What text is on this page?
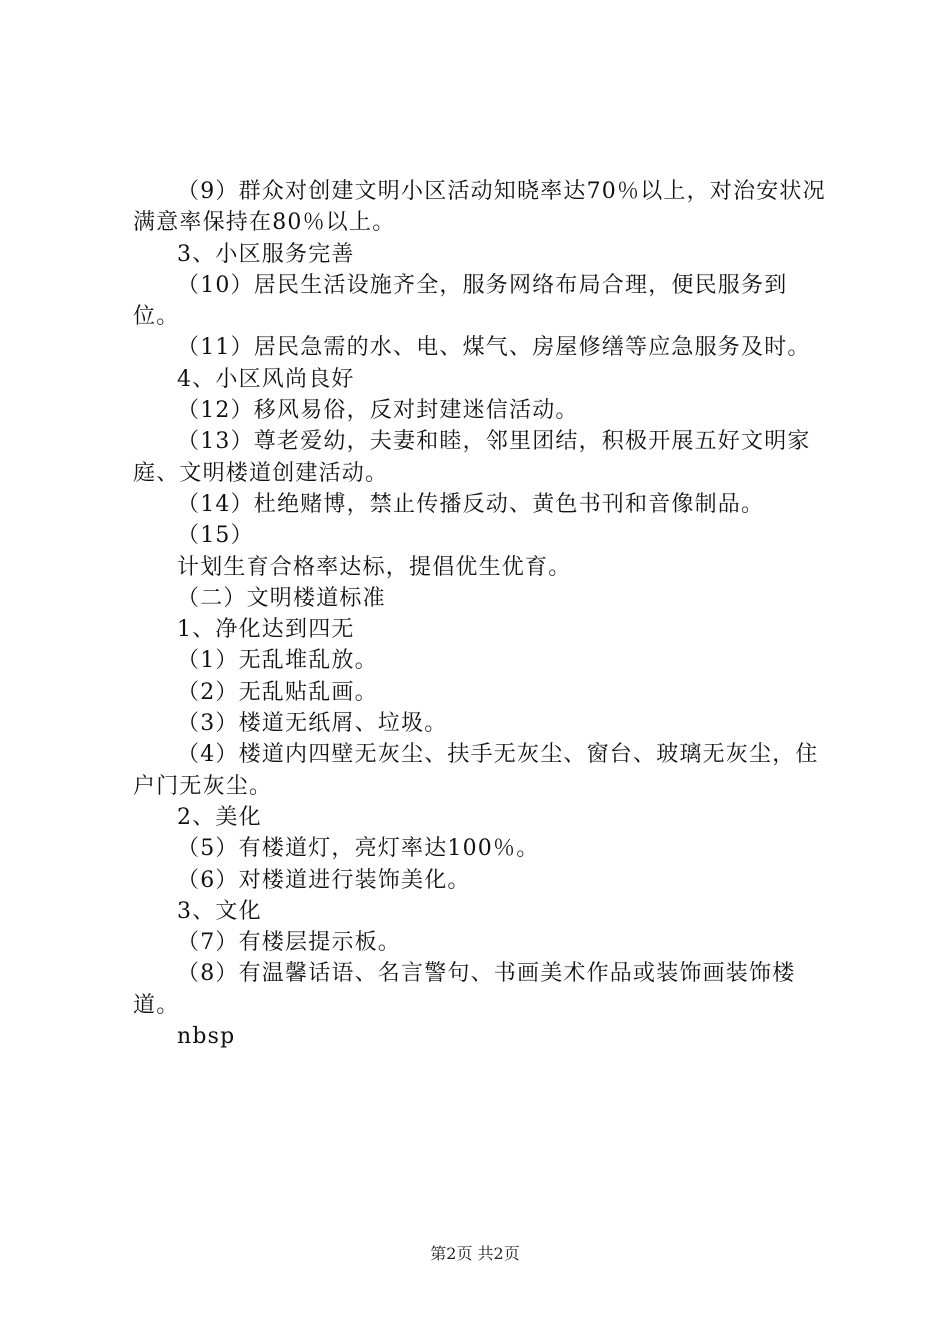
（9）群众对创建文明小区活动知晓率达70％以上，对治安状况满意率保持在80％以上。

3、小区服务完善

（10）居民生活设施齐全，服务网络布局合理，便民服务到位。

（11）居民急需的水、电、煤气、房屋修缮等应急服务及时。

4、小区风尚良好

（12）移风易俗，反对封建迷信活动。

（13）尊老爱幼，夫妻和睦，邻里团结，积极开展五好文明家庭、文明楼道创建活动。

（14）杜绝赌博，禁止传播反动、黄色书刊和音像制品。

（15）

计划生育合格率达标，提倡优生优育。

（二）文明楼道标准

1、净化达到四无

（1）无乱堆乱放。

（2）无乱贴乱画。

（3）楼道无纸屑、垃圾。

（4）楼道内四壁无灰尘、扶手无灰尘、窗台、玻璃无灰尘，住户门无灰尘。

2、美化

（5）有楼道灯，亮灯率达100％。

（6）对楼道进行装饰美化。

3、文化

（7）有楼层提示板。

（8）有温馨话语、名言警句、书画美术作品或装饰画装饰楼道。

nbsp

第2页 共2页
